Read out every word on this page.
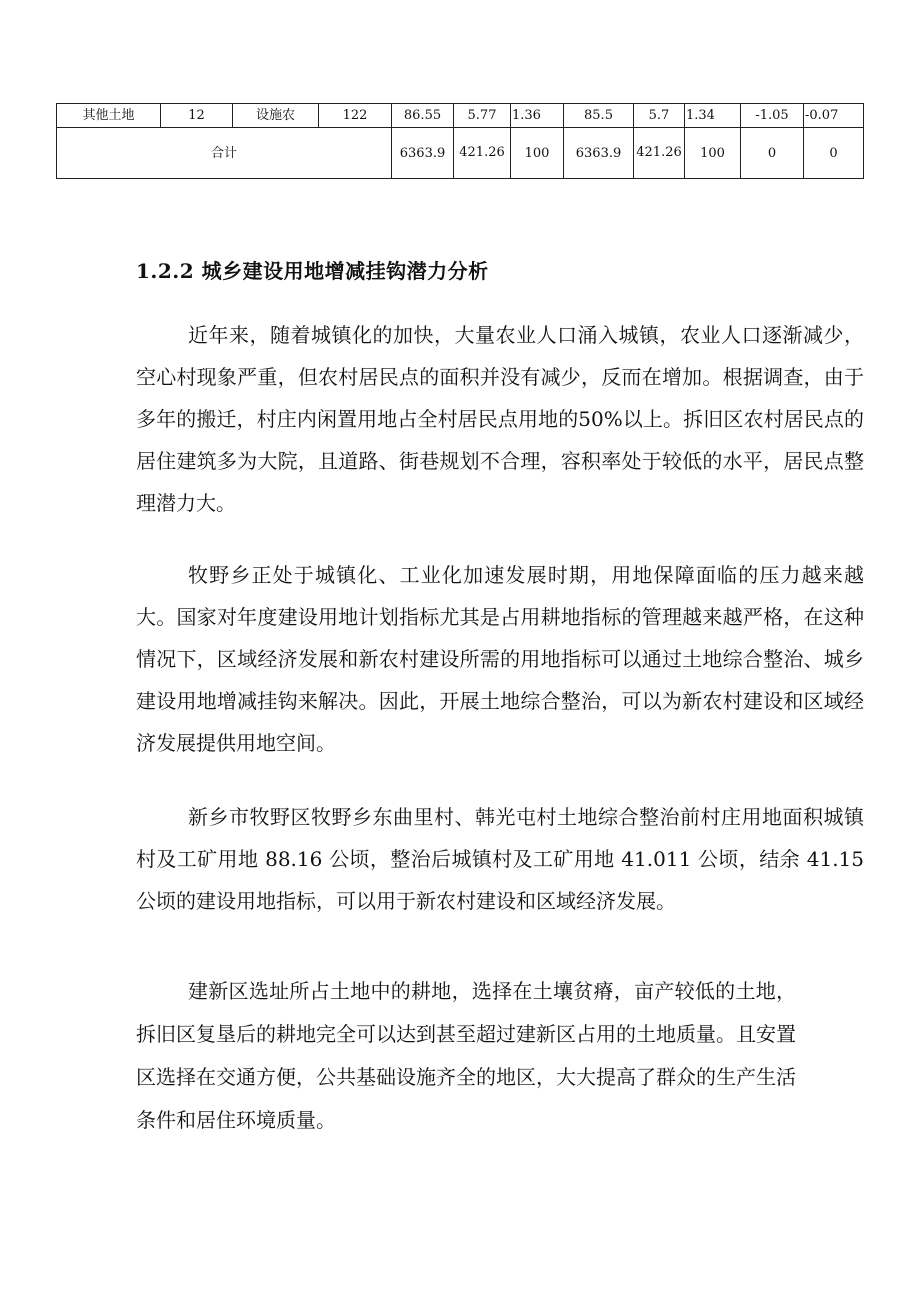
其他土地	12	设施农	122	86.55	5.77	1.36	85.5	5.7	1.34	-1.05	-0.07
合计				6363.9	421.26	100	6363.9	421.26	100	0	0
1.2.2 城乡建设用地增减挂钩潜力分析

近年来，随着城镇化的加快，大量农业人口涌入城镇，农业人口逐渐减少，空心村现象严重，但农村居民点的面积并没有减少，反而在增加。根据调查，由于多年的搬迁，村庄内闲置用地占全村居民点用地的50%以上。拆旧区农村居民点的居住建筑多为大院，且道路、街巷规划不合理，容积率处于较低的水平，居民点整理潜力大。

牧野乡正处于城镇化、工业化加速发展时期，用地保障面临的压力越来越大。国家对年度建设用地计划指标尤其是占用耕地指标的管理越来越严格，在这种情况下，区域经济发展和新农村建设所需的用地指标可以通过土地综合整治、城乡建设用地增减挂钩来解决。因此，开展土地综合整治，可以为新农村建设和区域经济发展提供用地空间。

新乡市牧野区牧野乡东曲里村、韩光屯村土地综合整治前村庄用地面积城镇村及工矿用地 88.16 公顷，整治后城镇村及工矿用地 41.011 公顷，结余 41.15 公顷的建设用地指标，可以用于新农村建设和区域经济发展。

建新区选址所占土地中的耕地，选择在土壤贫瘠，亩产较低的土地，拆旧区复垦后的耕地完全可以达到甚至超过建新区占用的土地质量。且安置区选择在交通方便，公共基础设施齐全的地区，大大提高了群众的生产生活条件和居住环境质量。
